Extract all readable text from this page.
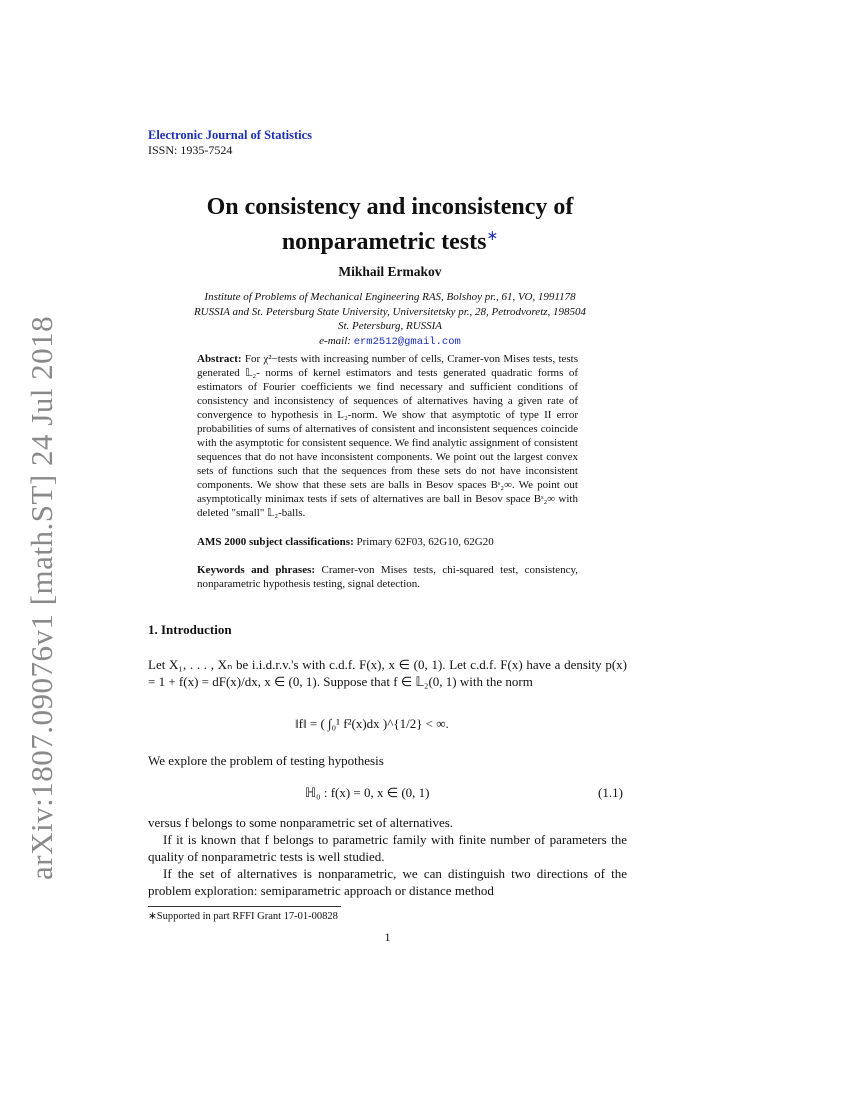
arXiv:1807.09076v1 [math.ST] 24 Jul 2018
Electronic Journal of Statistics
ISSN: 1935-7524
On consistency and inconsistency of
nonparametric tests∗
Mikhail Ermakov
Institute of Problems of Mechanical Engineering RAS, Bolshoy pr., 61, VO, 1991178
RUSSIA and St. Petersburg State University, Universitetsky pr., 28, Petrodvoretz, 198504
St. Petersburg, RUSSIA
e-mail: erm2512@gmail.com
Abstract: For χ²−tests with increasing number of cells, Cramer-von Mises tests, tests generated 𝕃₂- norms of kernel estimators and tests generated quadratic forms of estimators of Fourier coefficients we find necessary and sufficient conditions of consistency and inconsistency of sequences of alternatives having a given rate of convergence to hypothesis in L₂-norm. We show that asymptotic of type II error probabilities of sums of alternatives of consistent and inconsistent sequences coincide with the asymptotic for consistent sequence. We find analytic assignment of consistent sequences that do not have inconsistent components. We point out the largest convex sets of functions such that the sequences from these sets do not have inconsistent components. We show that these sets are balls in Besov spaces Bˢ₂∞. We point out asymptotically minimax tests if sets of alternatives are ball in Besov space Bˢ₂∞ with deleted "small" 𝕃₂-balls.
AMS 2000 subject classifications: Primary 62F03, 62G10, 62G20
Keywords and phrases: Cramer-von Mises tests, chi-squared test, consistency, nonparametric hypothesis testing, signal detection.
1. Introduction
Let X₁, . . . , Xₙ be i.i.d.r.v.'s with c.d.f. F(x), x ∈ (0, 1). Let c.d.f. F(x) have a density p(x) = 1 + f(x) = dF(x)/dx, x ∈ (0, 1). Suppose that f ∈ 𝕃₂(0, 1) with the norm
‖f‖ = ( ∫₀¹ f²(x)dx )^{1/2} < ∞.
We explore the problem of testing hypothesis
ℍ₀ : f(x) = 0, x ∈ (0, 1)	(1.1)
versus f belongs to some nonparametric set of alternatives.
If it is known that f belongs to parametric family with finite number of parameters the quality of nonparametric tests is well studied.
If the set of alternatives is nonparametric, we can distinguish two directions of the problem exploration: semiparametric approach or distance method
∗Supported in part RFFI Grant 17-01-00828
1
